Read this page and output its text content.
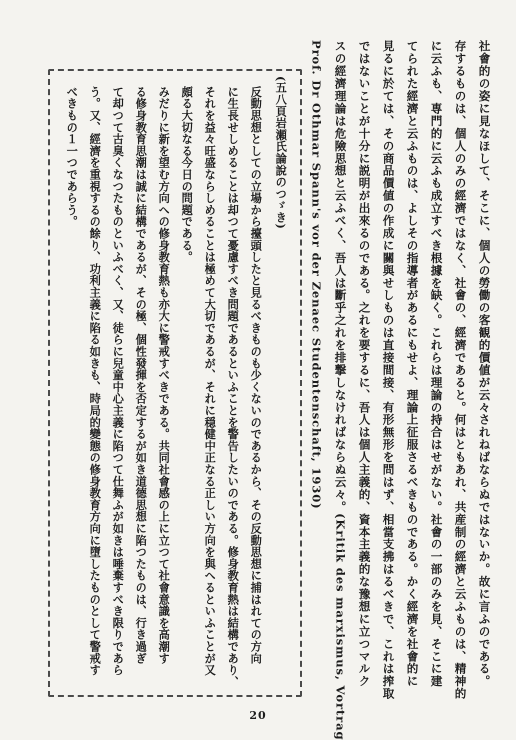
社會的の姿に見なほして、そこに、個人の勞働の客観的價値が云々されねばならぬではないか。故に言ふのである。
存するものは、個人のみの經濟ではなく、社會の、經濟であると。何はともあれ、共産制の經濟と云ふものは、精神的
に云ふも、専門的に云ふも成立すべき根據を缺く。これらは理論の持合はせがない。社會の一部のみを見、そこに建
てられた經濟と云ふものは、よしその指導者があるにもせよ、理論上征服さるべきものである。かく經濟を社會的に
見るに於ては、その商品價値の作成に關與せしものは直接間接、有形無形を問はず、相當支拂はるべきで、これは搾取
ではないことが十分に説明が出來るのである。之れを要するに、吾人は個人主義的、資本主義的な豫想に立つマルク
スの經濟理論は危險思想と云ふべく、吾人は斷乎之れを排撃しなければならぬ云々。(Kritik des marxismus, Vortrag
Prof. Dr Othmar Spann's vor der Zenaec Studentenschaft, 1930)
(五八頁岩瀬氏論說のつゞき)
反動思想としての立場から擡頭したと見るべきものも少くないのであるから、その反動思想に捕はれての方向
に生長せしめることは却つて憂慮すべき問題であるといふことを警告したいのである。修身教育熱は結構であり、
それを益々旺盛ならしめることは極めて大切であるが、それに穏健中正なる正しい方向を與へるといふことが又
頗る大切なる今日の問題である。
みだりに新を望む方向への修身教育熱も亦大に警戒すべきである。共同社會感の上に立つて社會意識を高潮す
る修身教育思潮は誠に結構であるが、その極、個性發揮を否定するが如き道德思想に陷つたものは、行き過ぎ
て却つて古臭くなつたものといふべく、又、徒らに兒童中心主義に陷つて仕舞ふが如きは唾棄すべき限りであら
う。又、經濟を重視するの餘り、功利主義に陷る如きも、時局的變態の修身教育方向に墮したものとして警戒す
べきもの１一つであらう。
20
